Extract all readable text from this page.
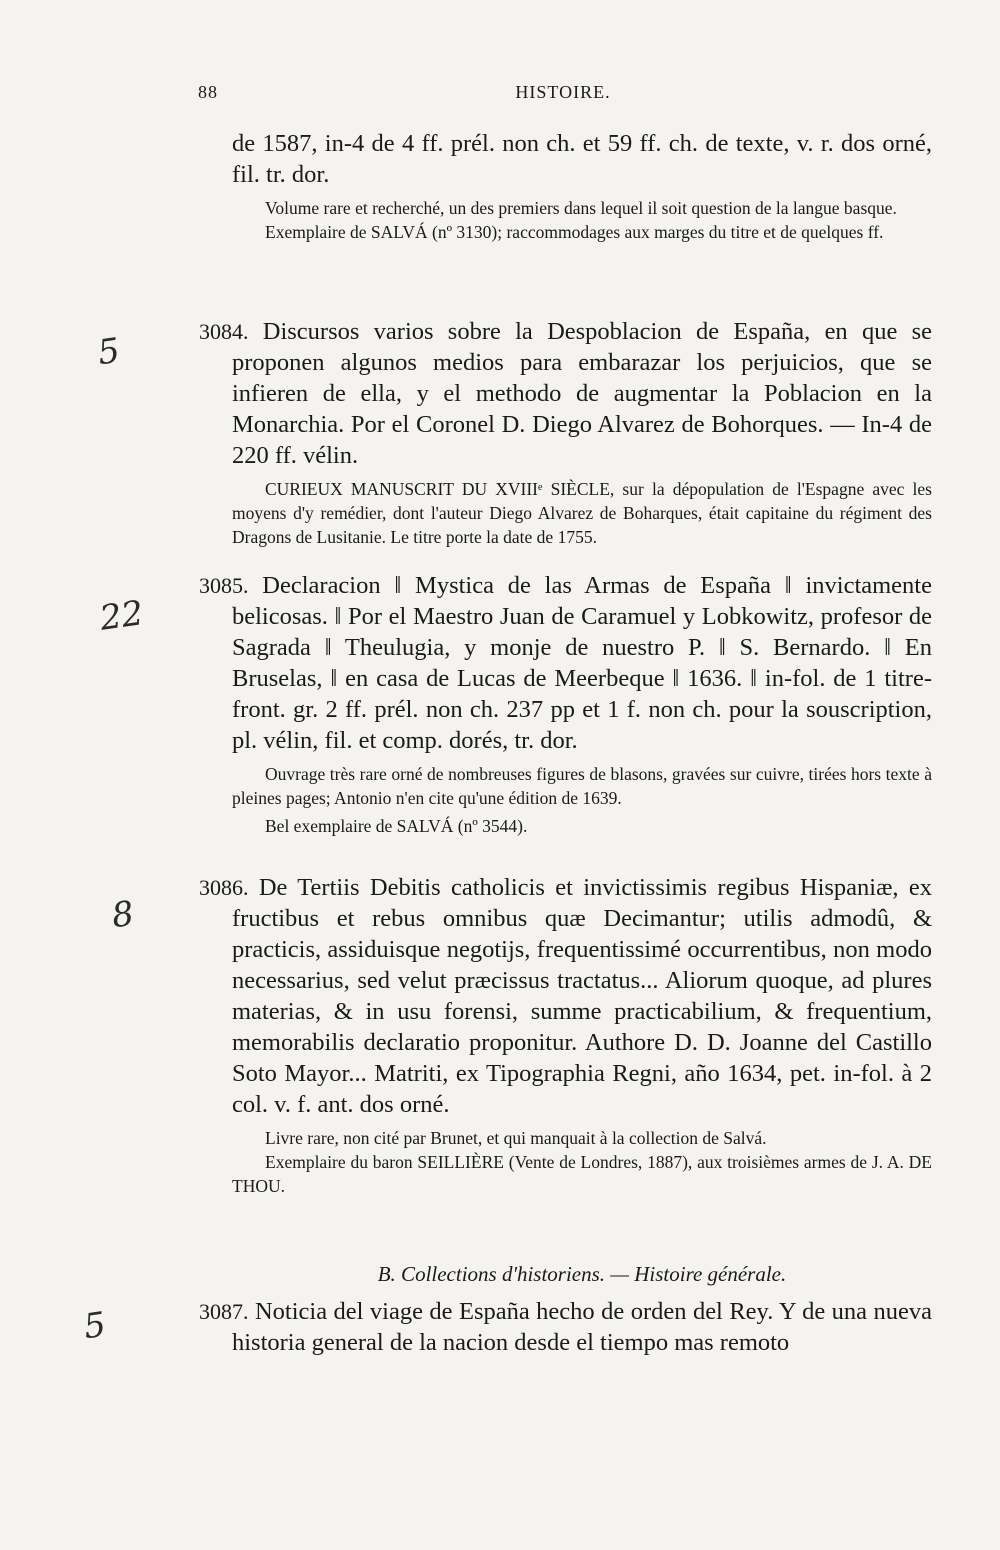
88	HISTOIRE.
de 1587, in-4 de 4 ff. prél. non ch. et 59 ff. ch. de texte, v. r. dos orné, fil. tr. dor.

Volume rare et recherché, un des premiers dans lequel il soit question de la langue basque.

Exemplaire de SALVÁ (nº 3130); raccommodages aux marges du titre et de quelques ff.

5	3084. Discursos varios sobre la Despoblacion de España, en que se proponen algunos medios para embarazar los perjuicios, que se infieren de ella, y el methodo de augmentar la Poblacion en la Monarchia. Por el Coronel D. Diego Alvarez de Bohorques. — In-4 de 220 ff. vélin.

CURIEUX MANUSCRIT DU XVIIIᵉ SIÈCLE, sur la dépopulation de l'Espagne avec les moyens d'y remédier, dont l'auteur Diego Alvarez de Boharques, était capitaine du régiment des Dragons de Lusitanie. Le titre porte la date de 1755.

22
3085. Declaracion ‖ Mystica de las Armas de España ‖ invictamente belicosas. ‖ Por el Maestro Juan de Caramuel y Lobkowitz, profesor de Sagrada ‖ Theulugia, y monje de nuestro P. ‖ S. Bernardo. ‖ En Bruselas, ‖ en casa de Lucas de Meerbeque ‖ 1636. ‖ in-fol. de 1 titre-front. gr. 2 ff. prél. non ch. 237 pp et 1 f. non ch. pour la souscription, pl. vélin, fil. et comp. dorés, tr. dor.

Ouvrage très rare orné de nombreuses figures de blasons, gravées sur cuivre, tirées hors texte à pleines pages; Antonio n'en cite qu'une édition de 1639.

Bel exemplaire de SALVÁ (nº 3544).

8
3086. De Tertiis Debitis catholicis et invictissimis regibus Hispaniæ, ex fructibus et rebus omnibus quæ Decimantur; utilis admodû, & practicis, assiduisque negotijs, frequentissimé occurrentibus, non modo necessarius, sed velut præcissus tractatus... Aliorum quoque, ad plures materias, & in usu forensi, summe practicabilium, & frequentium, memorabilis declaratio proponitur. Authore D. D. Joanne del Castillo Soto Mayor... Matriti, ex Tipographia Regni, año 1634, pet. in-fol. à 2 col. v. f. ant. dos orné.

Livre rare, non cité par Brunet, et qui manquait à la collection de Salvá.

Exemplaire du baron SEILLIÈRE (Vente de Londres, 1887), aux troisièmes armes de J. A. DE THOU.

B. Collections d'historiens. — Histoire générale.
5	3087. Noticia del viage de España hecho de orden del Rey. Y de una nueva historia general de la nacion desde el tiempo mas remoto
